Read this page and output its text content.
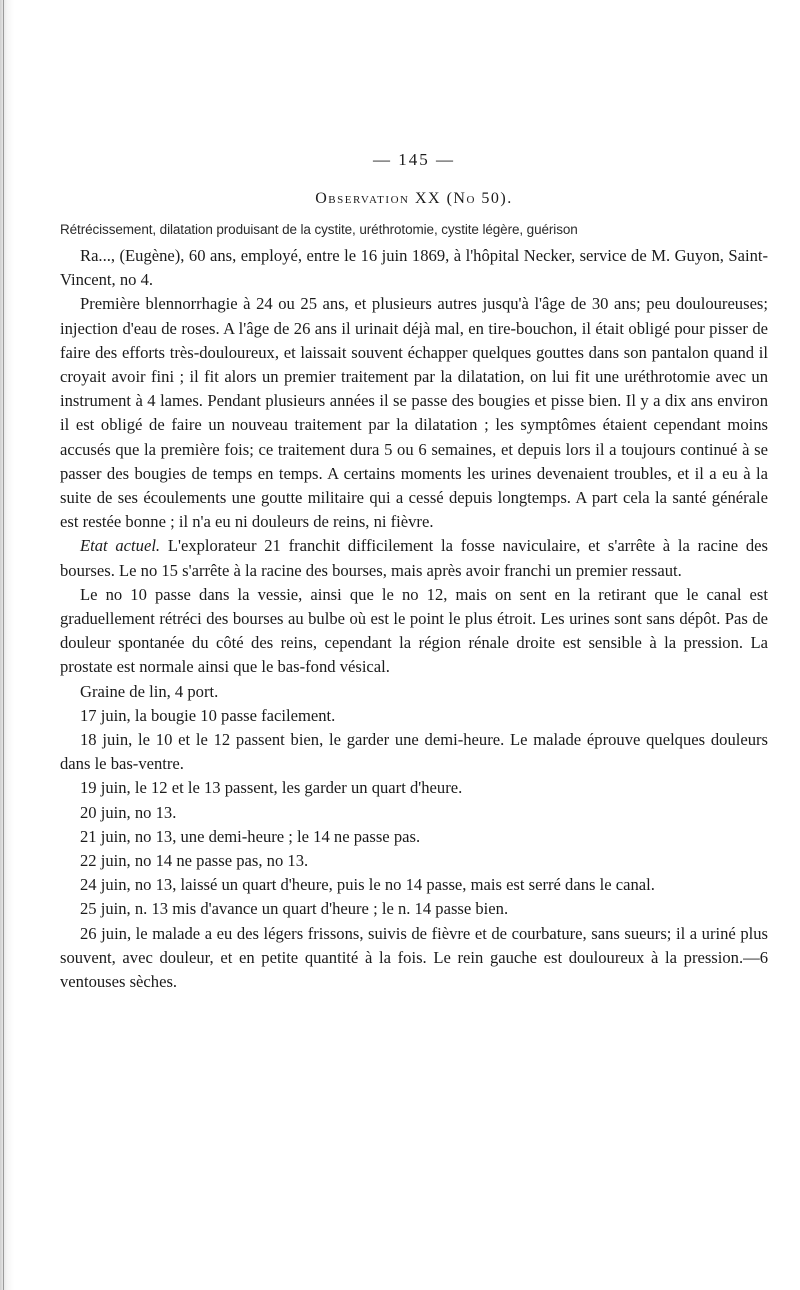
— 145 —
Observation XX (No 50).
Rétrécissement, dilatation produisant de la cystite, uréthrotomie, cystite légère, guérison

Ra..., (Eugène), 60 ans, employé, entre le 16 juin 1869, à l'hôpital Necker, service de M. Guyon, Saint-Vincent, no 4.

Première blennorrhagie à 24 ou 25 ans, et plusieurs autres jusqu'à l'âge de 30 ans; peu douloureuses; injection d'eau de roses. A l'âge de 26 ans il urinait déjà mal, en tire-bouchon, il était obligé pour pisser de faire des efforts très-douloureux, et laissait souvent échapper quelques gouttes dans son pantalon quand il croyait avoir fini ; il fit alors un premier traitement par la dilatation, on lui fit une uréthrotomie avec un instrument à 4 lames. Pendant plusieurs années il se passe des bougies et pisse bien. Il y a dix ans environ il est obligé de faire un nouveau traitement par la dilatation ; les symptômes étaient cependant moins accusés que la première fois; ce traitement dura 5 ou 6 semaines, et depuis lors il a toujours continué à se passer des bougies de temps en temps. A certains moments les urines devenaient troubles, et il a eu à la suite de ses écoulements une goutte militaire qui a cessé depuis longtemps. A part cela la santé générale est restée bonne ; il n'a eu ni douleurs de reins, ni fièvre.

Etat actuel. L'explorateur 21 franchit difficilement la fosse naviculaire, et s'arrête à la racine des bourses. Le no 15 s'arrête à la racine des bourses, mais après avoir franchi un premier ressaut.

Le no 10 passe dans la vessie, ainsi que le no 12, mais on sent en la retirant que le canal est graduellement rétréci des bourses au bulbe où est le point le plus étroit. Les urines sont sans dépôt. Pas de douleur spontanée du côté des reins, cependant la région rénale droite est sensible à la pression. La prostate est normale ainsi que le bas-fond vésical.

Graine de lin, 4 port.

17 juin, la bougie 10 passe facilement.

18 juin, le 10 et le 12 passent bien, le garder une demi-heure. Le malade éprouve quelques douleurs dans le bas-ventre.

19 juin, le 12 et le 13 passent, les garder un quart d'heure.

20 juin, no 13.

21 juin, no 13, une demi-heure ; le 14 ne passe pas.

22 juin, no 14 ne passe pas, no 13.

24 juin, no 13, laissé un quart d'heure, puis le no 14 passe, mais est serré dans le canal.

25 juin, n. 13 mis d'avance un quart d'heure ; le n. 14 passe bien.

26 juin, le malade a eu des légers frissons, suivis de fièvre et de courbature, sans sueurs; il a uriné plus souvent, avec douleur, et en petite quantité à la fois. Le rein gauche est douloureux à la pression.—6 ventouses sèches.
